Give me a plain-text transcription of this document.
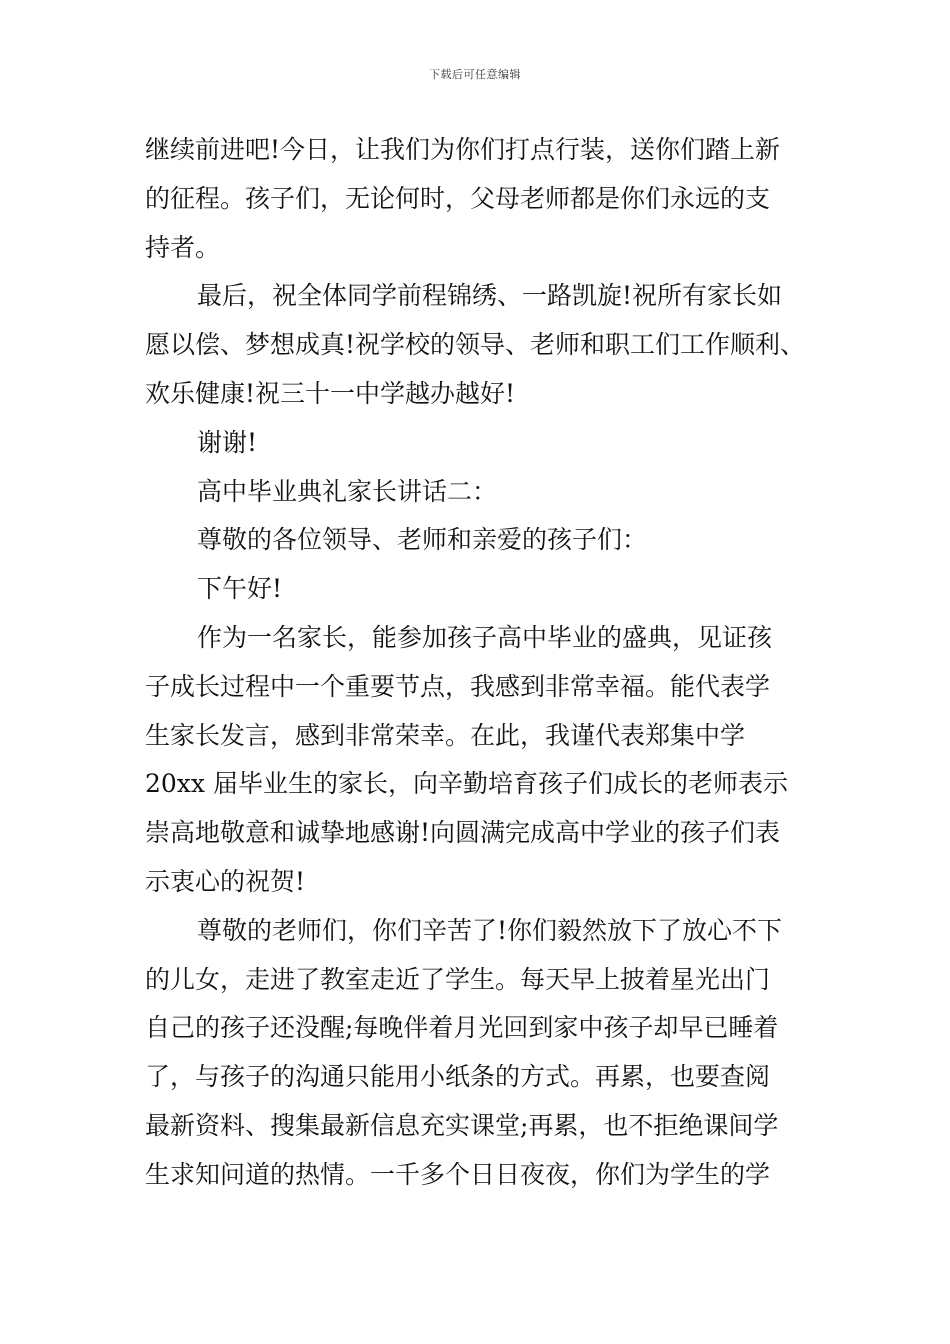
下载后可任意编辑
继续前进吧!今日，让我们为你们打点行装，送你们踏上新
的征程。孩子们，无论何时，父母老师都是你们永远的支
持者。
最后，祝全体同学前程锦绣、一路凯旋!祝所有家长如
愿以偿、梦想成真!祝学校的领导、老师和职工们工作顺利、
欢乐健康!祝三十一中学越办越好!
谢谢!
高中毕业典礼家长讲话二：
尊敬的各位领导、老师和亲爱的孩子们：
下午好!
作为一名家长，能参加孩子高中毕业的盛典，见证孩
子成长过程中一个重要节点，我感到非常幸福。能代表学
生家长发言，感到非常荣幸。在此，我谨代表郑集中学
20xx 届毕业生的家长，向辛勤培育孩子们成长的老师表示
崇高地敬意和诚挚地感谢!向圆满完成高中学业的孩子们表
示衷心的祝贺!
尊敬的老师们，你们辛苦了!你们毅然放下了放心不下
的儿女，走进了教室走近了学生。每天早上披着星光出门
自己的孩子还没醒;每晚伴着月光回到家中孩子却早已睡着
了，与孩子的沟通只能用小纸条的方式。再累，也要查阅
最新资料、搜集最新信息充实课堂;再累，也不拒绝课间学
生求知问道的热情。一千多个日日夜夜，你们为学生的学
